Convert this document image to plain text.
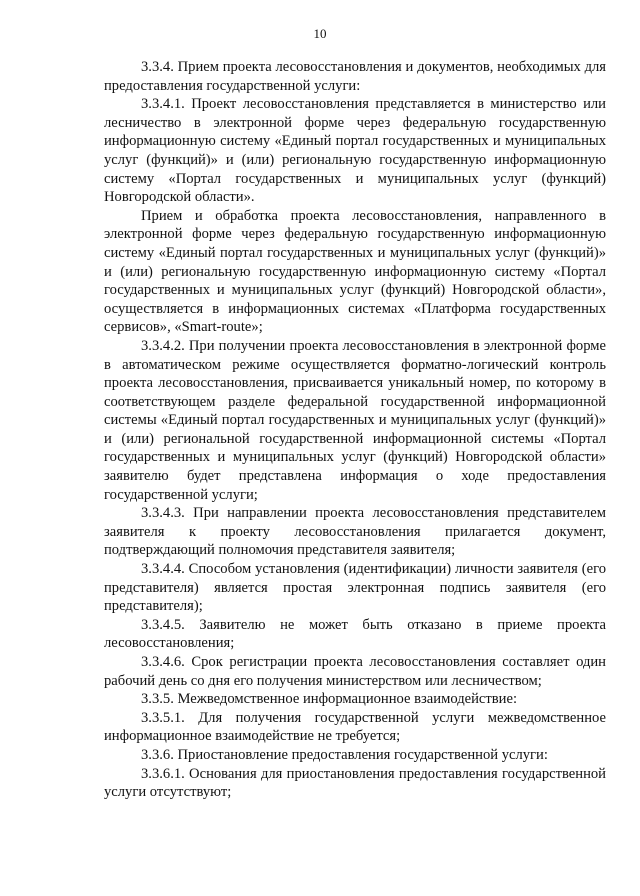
10

3.3.4. Прием проекта лесовосстановления и документов, необходимых для предоставления государственной услуги:

3.3.4.1. Проект лесовосстановления представляется в министерство или лесничество в электронной форме через федеральную государственную информационную систему «Единый портал государственных и муниципальных услуг (функций)» и (или) региональную государственную информационную систему «Портал государственных и муниципальных услуг (функций) Новгородской области».

Прием и обработка проекта лесовосстановления, направленного в электронной форме через федеральную государственную информационную систему «Единый портал государственных и муниципальных услуг (функций)» и (или) региональную государственную информационную систему «Портал государственных и муниципальных услуг (функций) Новгородской области», осуществляется в информационных системах «Платформа государственных сервисов», «Smart-route»;

3.3.4.2. При получении проекта лесовосстановления в электронной форме в автоматическом режиме осуществляется форматно-логический контроль проекта лесовосстановления, присваивается уникальный номер, по которому в соответствующем разделе федеральной государственной информационной системы «Единый портал государственных и муниципальных услуг (функций)» и (или) региональной государственной информационной системы «Портал государственных и муниципальных услуг (функций) Новгородской области» заявителю будет представлена информация о ходе предоставления государственной услуги;

3.3.4.3. При направлении проекта лесовосстановления представителем заявителя к проекту лесовосстановления прилагается документ, подтверждающий полномочия представителя заявителя;

3.3.4.4. Способом установления (идентификации) личности заявителя (его представителя) является простая электронная подпись заявителя (его представителя);

3.3.4.5. Заявителю не может быть отказано в приеме проекта лесовосстановления;

3.3.4.6. Срок регистрации проекта лесовосстановления составляет один рабочий день со дня его получения министерством или лесничеством;

3.3.5. Межведомственное информационное взаимодействие:

3.3.5.1. Для получения государственной услуги межведомственное информационное взаимодействие не требуется;

3.3.6. Приостановление предоставления государственной услуги:

3.3.6.1. Основания для приостановления предоставления государственной услуги отсутствуют;
